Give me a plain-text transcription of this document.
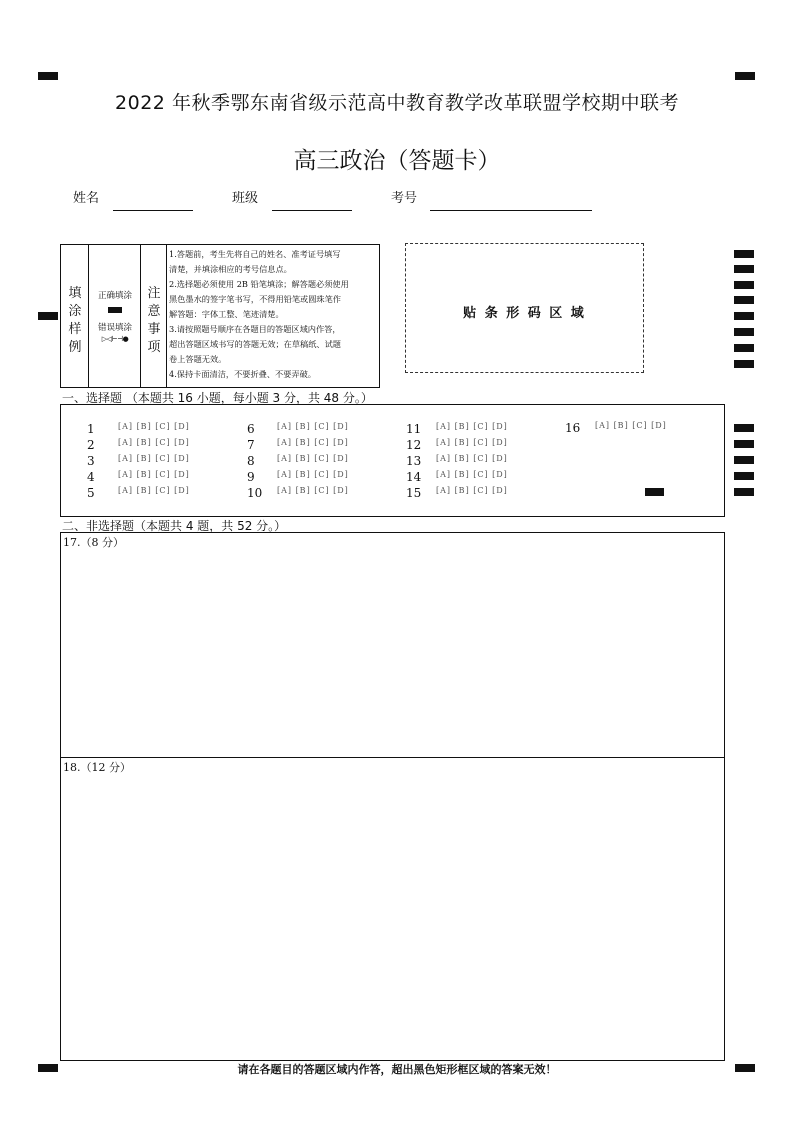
2022 年秋季鄂东南省级示范高中教育教学改革联盟学校期中联考
高三政治（答题卡）
姓名	班级	考号
填
涂
样
例
正确填涂
错误填涂
▷◁⊢⊣●
注
意
事
项
1.答题前，考生先将自己的姓名、准考证号填写
清楚，并填涂相应的考号信息点。
2.选择题必须使用 2B 铅笔填涂；解答题必须使用
黑色墨水的签字笔书写，不得用铅笔或圆珠笔作
解答题：字体工整、笔迹清楚。
3.请按照题号顺序在各题目的答题区域内作答，
超出答题区域书写的答题无效；在草稿纸、试题
卷上答题无效。
4.保持卡面清洁，不要折叠、不要弄破。
贴 条 形 码 区 域
一、选择题 （本题共 16 小题，每小题 3 分，共 48 分。）
1	[A] [B] [C] [D]
2	[A] [B] [C] [D]
3	[A] [B] [C] [D]
4	[A] [B] [C] [D]
5	[A] [B] [C] [D]
6	[A] [B] [C] [D]
7	[A] [B] [C] [D]
8	[A] [B] [C] [D]
9	[A] [B] [C] [D]
10 [A] [B] [C] [D]
11 [A] [B] [C] [D]
12 [A] [B] [C] [D]
13 [A] [B] [C] [D]
14 [A] [B] [C] [D]
15 [A] [B] [C] [D]
16 [A] [B] [C] [D]
二、非选择题（本题共 4 题，共 52 分。）
17.（8 分）
18.（12 分）
请在各题目的答题区域内作答，超出黑色矩形框区域的答案无效！
